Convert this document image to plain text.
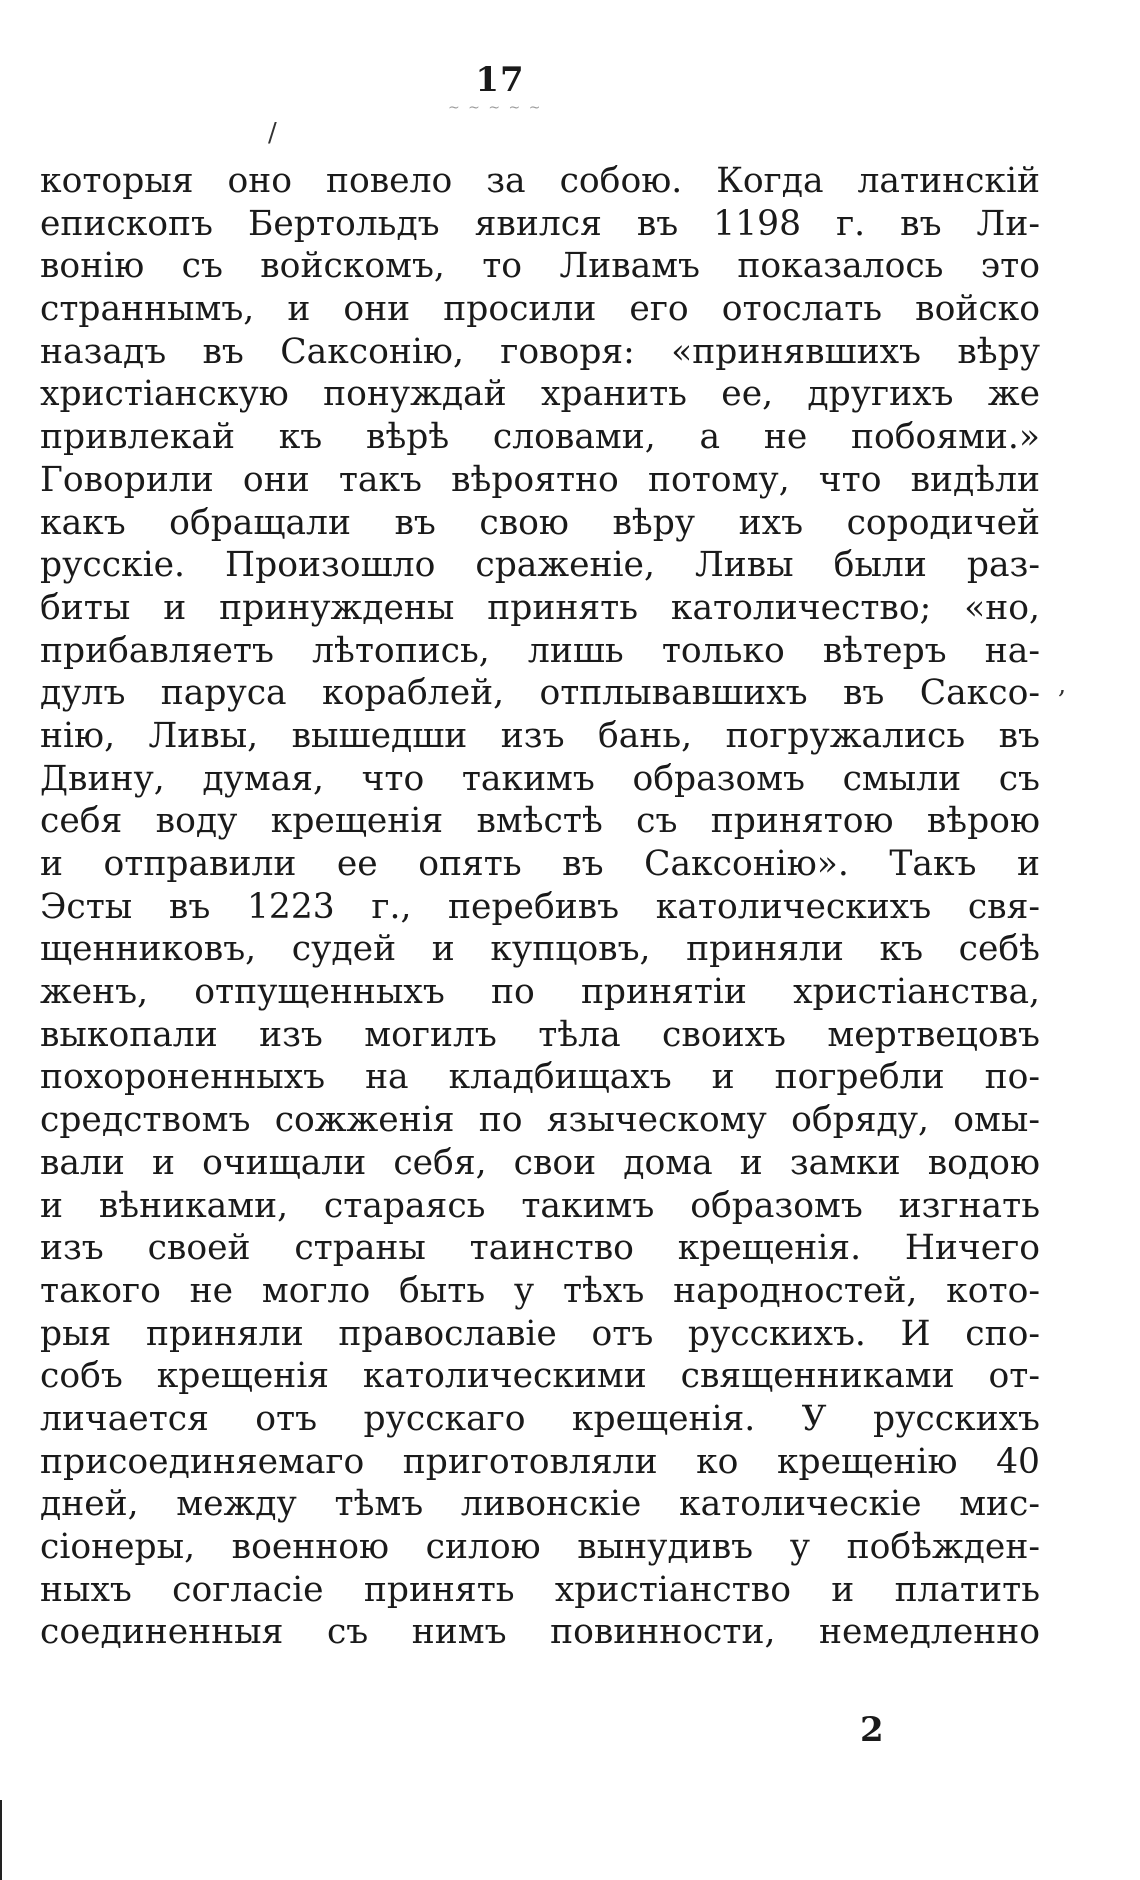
17
~ ~ ~ ~ ~
/
,
которыя оно повело за собою. Когда латинскій
епископъ Бертольдъ явился въ 1198 г. въ Ли-
вонію съ войскомъ, то Ливамъ показалось это
страннымъ, и они просили его отослать войско
назадъ въ Саксонію, говоря: «принявшихъ вѣру
христіанскую понуждай хранить ее, другихъ же
привлекай къ вѣрѣ словами, а не побоями.»
Говорили они такъ вѣроятно потому, что видѣли
какъ обращали въ свою вѣру ихъ сородичей
русскіе. Произошло сраженіе, Ливы были раз-
биты и принуждены принять католичество; «но,
прибавляетъ лѣтопись, лишь только вѣтеръ на-
дулъ паруса кораблей, отплывавшихъ въ Саксо-
нію, Ливы, вышедши изъ бань, погружались въ
Двину, думая, что такимъ образомъ смыли съ
себя воду крещенія вмѣстѣ съ принятою вѣрою
и отправили ее опять въ Саксонію». Такъ и
Эсты въ 1223 г., перебивъ католическихъ свя-
щенниковъ, судей и купцовъ, приняли къ себѣ
женъ, отпущенныхъ по принятіи христіанства,
выкопали изъ могилъ тѣла своихъ мертвецовъ
похороненныхъ на кладбищахъ и погребли по-
средствомъ сожженія по языческому обряду, омы-
вали и очищали себя, свои дома и замки водою
и вѣниками, стараясь такимъ образомъ изгнать
изъ своей страны таинство крещенія. Ничего
такого не могло быть у тѣхъ народностей, кото-
рыя приняли православіе отъ русскихъ. И спо-
собъ крещенія католическими священниками от-
личается отъ русскаго крещенія. У русскихъ
присоединяемаго приготовляли ко крещенію 40
дней, между тѣмъ ливонскіе католическіе мис-
сіонеры, военною силою вынудивъ у побѣжден-
ныхъ согласіе принять христіанство и платить
соединенныя съ нимъ повинности, немедленно
2
